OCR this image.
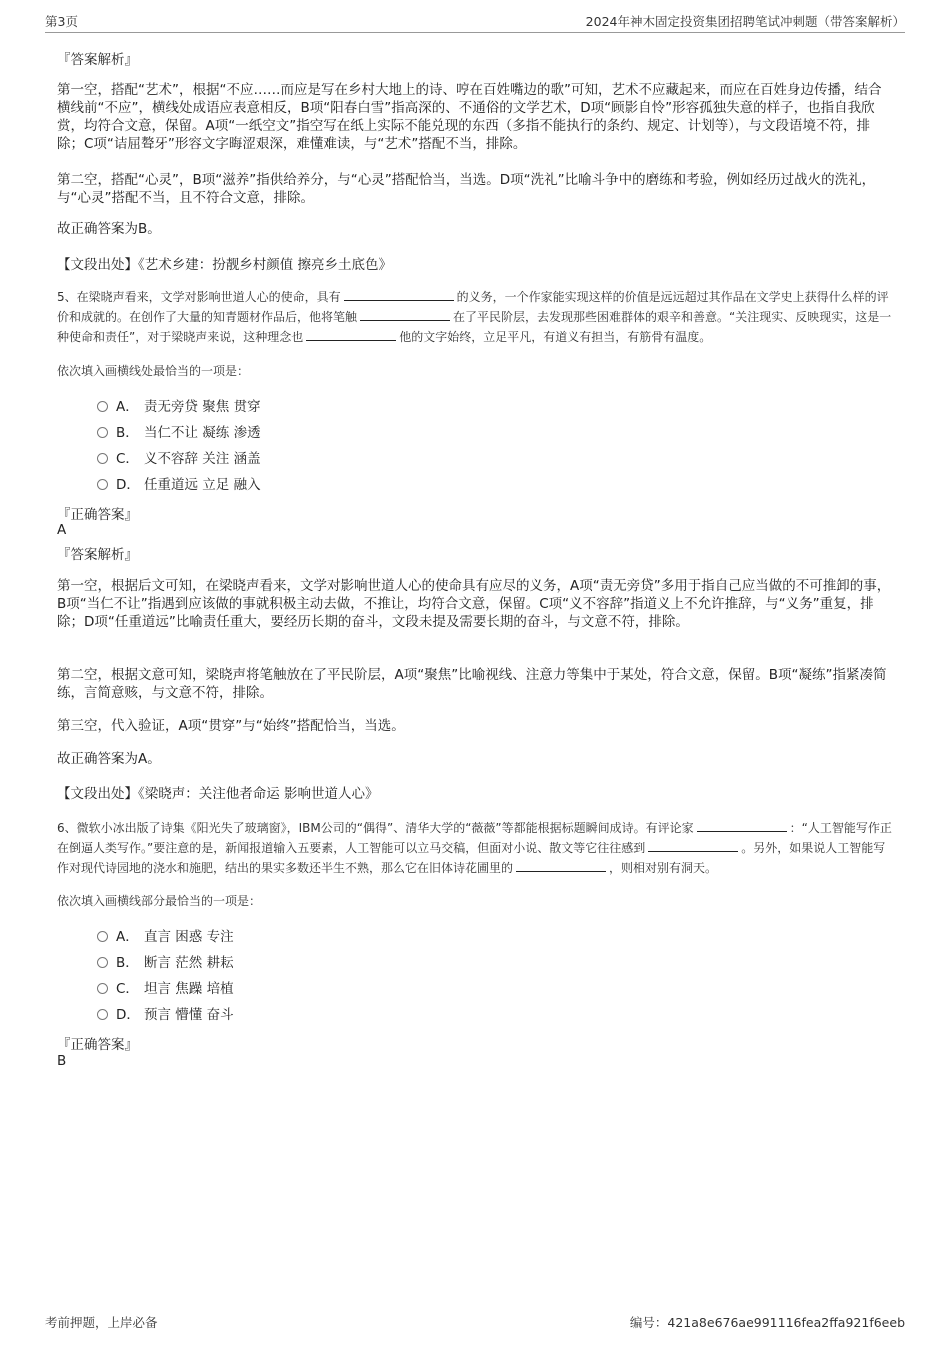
第3页	2024年神木固定投资集团招聘笔试冲刺题（带答案解析）
『答案解析』
第一空，搭配“艺术”，根据“不应……而应是写在乡村大地上的诗、哼在百姓嘴边的歌”可知，艺术不应藏起来，而应在百姓身边传播，结合横线前“不应”，横线处成语应表意相反，B项“阳春白雪”指高深的、不通俗的文学艺术，D项“顾影自怜”形容孤独失意的样子，也指自我欣赏，均符合文意，保留。A项“一纸空文”指空写在纸上实际不能兑现的东西（多指不能执行的条约、规定、计划等），与文段语境不符，排除；C项“诘屈聱牙”形容文字晦涩艰深，难懂难读，与“艺术”搭配不当，排除。
第二空，搭配“心灵”，B项“滋养”指供给养分，与“心灵”搭配恰当，当选。D项“洗礼”比喻斗争中的磨练和考验，例如经历过战火的洗礼，与“心灵”搭配不当，且不符合文意，排除。
故正确答案为B。
【文段出处】《艺术乡建：扮靓乡村颜值 擦亮乡土底色》
5、在梁晓声看来，文学对影响世道人心的使命，具有	的义务，一个作家能实现这样的价值是远远超过其作品在文学史上获得什么样的评价和成就的。在创作了大量的知青题材作品后，他将笔触	在了平民阶层，去发现那些困难群体的艰辛和善意。“关注现实、反映现实，这是一种使命和责任”，对于梁晓声来说，这种理念也	他的文字始终，立足平凡，有道义有担当，有筋骨有温度。
依次填入画横线处最恰当的一项是：
A． 责无旁贷 聚焦 贯穿
B． 当仁不让 凝练 渗透
C． 义不容辞 关注 涵盖
D． 任重道远 立足 融入
『正确答案』
A
『答案解析』
第一空，根据后文可知，在梁晓声看来，文学对影响世道人心的使命具有应尽的义务，A项“责无旁贷”多用于指自己应当做的不可推卸的事，B项“当仁不让”指遇到应该做的事就积极主动去做，不推让，均符合文意，保留。C项“义不容辞”指道义上不允许推辞，与“义务”重复，排除；D项“任重道远”比喻责任重大，要经历长期的奋斗，文段未提及需要长期的奋斗，与文意不符，排除。
第二空，根据文意可知，梁晓声将笔触放在了平民阶层，A项“聚焦”比喻视线、注意力等集中于某处，符合文意，保留。B项“凝练”指紧凑简练，言简意赅，与文意不符，排除。
第三空，代入验证，A项“贯穿”与“始终”搭配恰当，当选。
故正确答案为A。
【文段出处】《梁晓声：关注他者命运 影响世道人心》
6、微软小冰出版了诗集《阳光失了玻璃窗》，IBM公司的“偶得”、清华大学的“薇薇”等都能根据标题瞬间成诗。有评论家	：“人工智能写作正在倒逼人类写作。”要注意的是，新闻报道输入五要素，人工智能可以立马交稿，但面对小说、散文等它往往感到	。另外，如果说人工智能写作对现代诗园地的浇水和施肥，结出的果实多数还半生不熟，那么它在旧体诗花圃里的	，则相对别有洞天。
依次填入画横线部分最恰当的一项是：
A． 直言 困惑 专注
B． 断言 茫然 耕耘
C． 坦言 焦躁 培植
D． 预言 懵懂 奋斗
『正确答案』
B
考前押题，上岸必备	编号：421a8e676ae991116fea2ffa921f6eeb
